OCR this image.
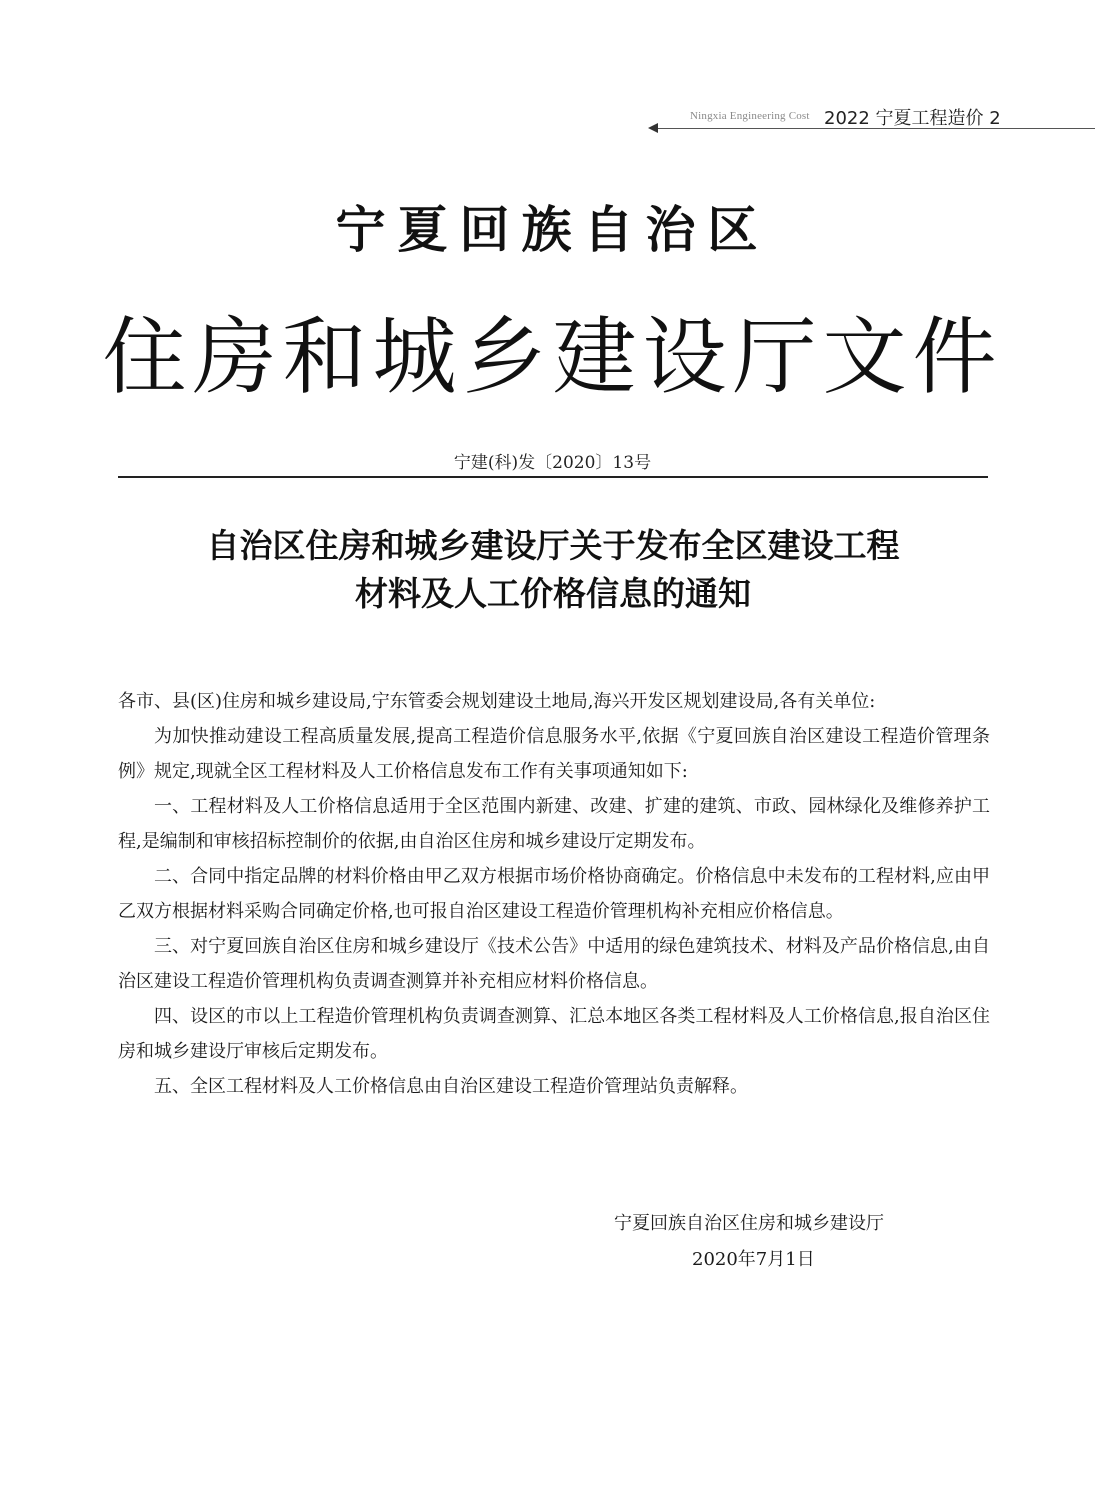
Ningxia Engineering Cost 2022 宁夏工程造价 2
宁夏回族自治区
住房和城乡建设厅文件
宁建(科)发〔2020〕13号
自治区住房和城乡建设厅关于发布全区建设工程
材料及人工价格信息的通知

各市、县(区)住房和城乡建设局,宁东管委会规划建设土地局,海兴开发区规划建设局,各有关单位:

为加快推动建设工程高质量发展,提高工程造价信息服务水平,依据《宁夏回族自治区建设工程造价管理条例》规定,现就全区工程材料及人工价格信息发布工作有关事项通知如下:

一、工程材料及人工价格信息适用于全区范围内新建、改建、扩建的建筑、市政、园林绿化及维修养护工程,是编制和审核招标控制价的依据,由自治区住房和城乡建设厅定期发布。

二、合同中指定品牌的材料价格由甲乙双方根据市场价格协商确定。价格信息中未发布的工程材料,应由甲乙双方根据材料采购合同确定价格,也可报自治区建设工程造价管理机构补充相应价格信息。

三、对宁夏回族自治区住房和城乡建设厅《技术公告》中适用的绿色建筑技术、材料及产品价格信息,由自治区建设工程造价管理机构负责调查测算并补充相应材料价格信息。

四、设区的市以上工程造价管理机构负责调查测算、汇总本地区各类工程材料及人工价格信息,报自治区住房和城乡建设厅审核后定期发布。

五、全区工程材料及人工价格信息由自治区建设工程造价管理站负责解释。

宁夏回族自治区住房和城乡建设厅
2020年7月1日
